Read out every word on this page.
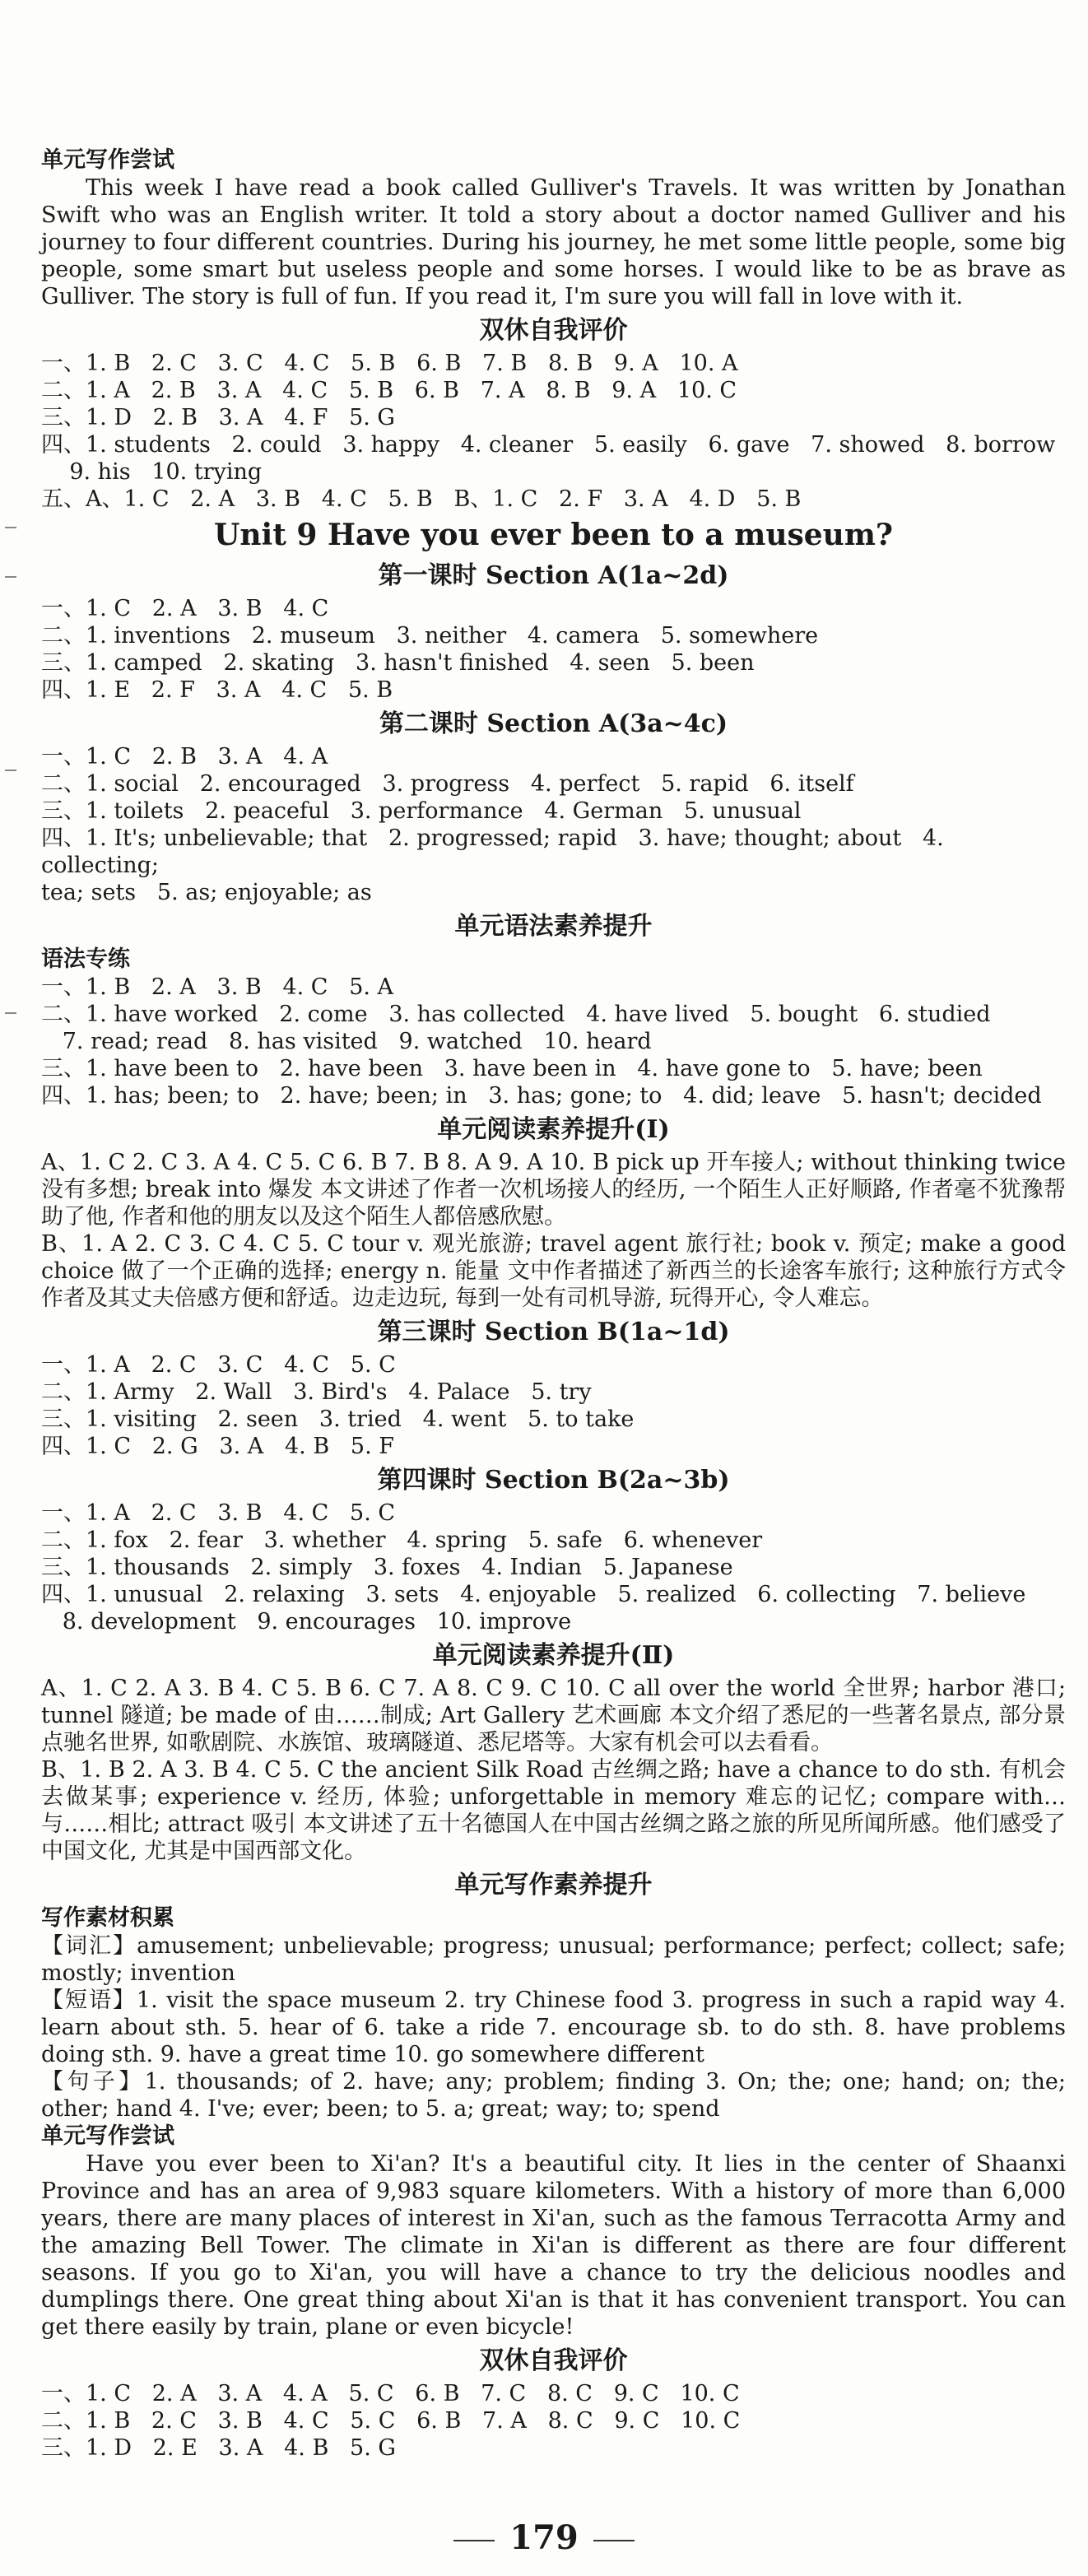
单元写作尝试

This week I have read a book called Gulliver's Travels. It was written by Jonathan Swift who was an English writer. It told a story about a doctor named Gulliver and his journey to four different countries. During his journey, he met some little people, some big people, some smart but useless people and some horses. I would like to be as brave as Gulliver. The story is full of fun. If you read it, I'm sure you will fall in love with it.

双休自我评价
一、1. B   2. C   3. C   4. C   5. B   6. B   7. B   8. B   9. A   10. A
二、1. A   2. B   3. A   4. C   5. B   6. B   7. A   8. B   9. A   10. C
三、1. D   2. B   3. A   4. F   5. G
四、1. students   2. could   3. happy   4. cleaner   5. easily   6. gave   7. showed   8. borrow
9. his   10. trying
五、A、1. C   2. A   3. B   4. C   5. B   B、1. C   2. F   3. A   4. D   5. B
Unit 9 Have you ever been to a museum?
第一课时 Section A(1a~2d)
一、1. C   2. A   3. B   4. C
二、1. inventions   2. museum   3. neither   4. camera   5. somewhere
三、1. camped   2. skating   3. hasn't finished   4. seen   5. been
四、1. E   2. F   3. A   4. C   5. B
第二课时 Section A(3a~4c)
一、1. C   2. B   3. A   4. A
二、1. social   2. encouraged   3. progress   4. perfect   5. rapid   6. itself
三、1. toilets   2. peaceful   3. performance   4. German   5. unusual
四、1. It's; unbelievable; that   2. progressed; rapid   3. have; thought; about   4. collecting;
tea; sets   5. as; enjoyable; as
单元语法素养提升
语法专练
一、1. B   2. A   3. B   4. C   5. A
二、1. have worked   2. come   3. has collected   4. have lived   5. bought   6. studied
7. read; read   8. has visited   9. watched   10. heard
三、1. have been to   2. have been   3. have been in   4. have gone to   5. have; been
四、1. has; been; to   2. have; been; in   3. has; gone; to   4. did; leave   5. hasn't; decided
单元阅读素养提升(Ⅰ)

A、1. C 2. C 3. A 4. C 5. C 6. B 7. B 8. A 9. A 10. B pick up 开车接人; without thinking twice 没有多想; break into 爆发 本文讲述了作者一次机场接人的经历, 一个陌生人正好顺路, 作者毫不犹豫帮助了他, 作者和他的朋友以及这个陌生人都倍感欣慰。

B、1. A 2. C 3. C 4. C 5. C tour v. 观光旅游; travel agent 旅行社; book v. 预定; make a good choice 做了一个正确的选择; energy n. 能量 文中作者描述了新西兰的长途客车旅行; 这种旅行方式令作者及其丈夫倍感方便和舒适。边走边玩, 每到一处有司机导游, 玩得开心, 令人难忘。

第三课时 Section B(1a~1d)
一、1. A   2. C   3. C   4. C   5. C
二、1. Army   2. Wall   3. Bird's   4. Palace   5. try
三、1. visiting   2. seen   3. tried   4. went   5. to take
四、1. C   2. G   3. A   4. B   5. F
第四课时 Section B(2a~3b)
一、1. A   2. C   3. B   4. C   5. C
二、1. fox   2. fear   3. whether   4. spring   5. safe   6. whenever
三、1. thousands   2. simply   3. foxes   4. Indian   5. Japanese
四、1. unusual   2. relaxing   3. sets   4. enjoyable   5. realized   6. collecting   7. believe
8. development   9. encourages   10. improve
单元阅读素养提升(Ⅱ)

A、1. C 2. A 3. B 4. C 5. B 6. C 7. A 8. C 9. C 10. C all over the world 全世界; harbor 港口; tunnel 隧道; be made of 由……制成; Art Gallery 艺术画廊 本文介绍了悉尼的一些著名景点, 部分景点驰名世界, 如歌剧院、水族馆、玻璃隧道、悉尼塔等。大家有机会可以去看看。

B、1. B 2. A 3. B 4. C 5. C the ancient Silk Road 古丝绸之路; have a chance to do sth. 有机会去做某事; experience v. 经历, 体验; unforgettable in memory 难忘的记忆; compare with… 与……相比; attract 吸引 本文讲述了五十名德国人在中国古丝绸之路之旅的所见所闻所感。他们感受了中国文化, 尤其是中国西部文化。

单元写作素养提升
写作素材积累

【词汇】amusement; unbelievable; progress; unusual; performance; perfect; collect; safe; mostly; invention

【短语】1. visit the space museum 2. try Chinese food 3. progress in such a rapid way 4. learn about sth. 5. hear of 6. take a ride 7. encourage sb. to do sth. 8. have problems doing sth. 9. have a great time 10. go somewhere different

【句子】1. thousands; of 2. have; any; problem; finding 3. On; the; one; hand; on; the; other; hand 4. I've; ever; been; to 5. a; great; way; to; spend

单元写作尝试

Have you ever been to Xi'an? It's a beautiful city. It lies in the center of Shaanxi Province and has an area of 9,983 square kilometers. With a history of more than 6,000 years, there are many places of interest in Xi'an, such as the famous Terracotta Army and the amazing Bell Tower. The climate in Xi'an is different as there are four different seasons. If you go to Xi'an, you will have a chance to try the delicious noodles and dumplings there. One great thing about Xi'an is that it has convenient transport. You can get there easily by train, plane or even bicycle!

双休自我评价
一、1. C   2. A   3. A   4. A   5. C   6. B   7. C   8. C   9. C   10. C
二、1. B   2. C   3. B   4. C   5. C   6. B   7. A   8. C   9. C   10. C
三、1. D   2. E   3. A   4. B   5. G
179
